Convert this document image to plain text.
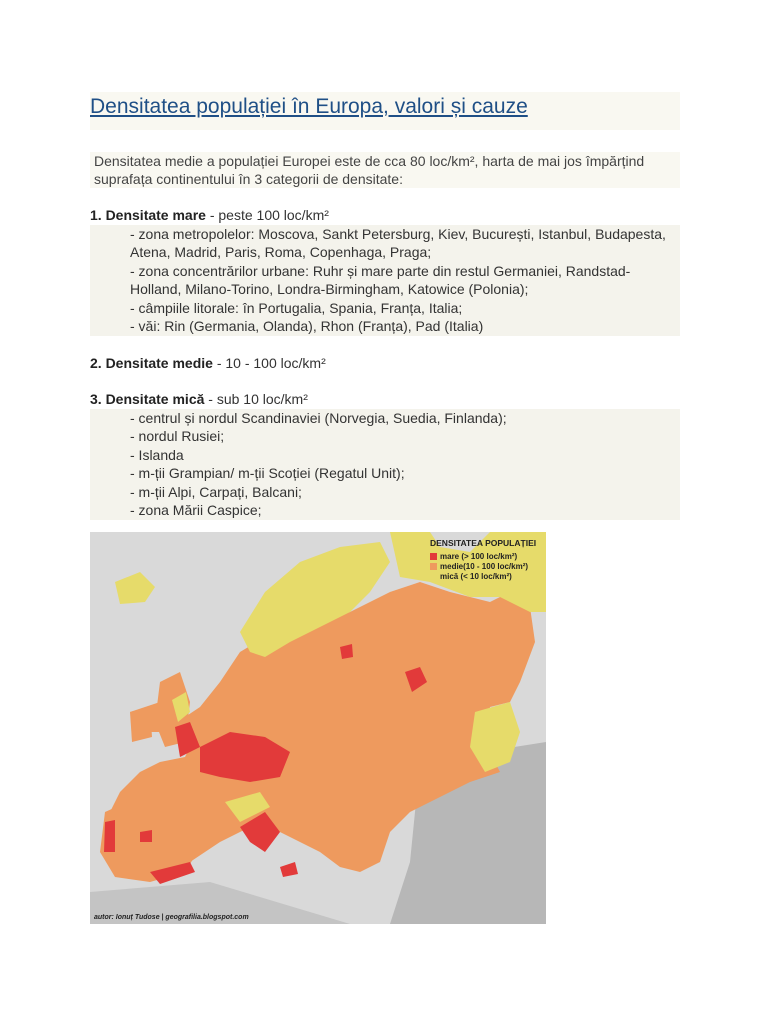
Densitatea populației în Europa, valori și cauze

Densitatea medie a populației Europei este de cca 80 loc/km², harta de mai jos împărțind suprafața continentului în 3 categorii de densitate:

1. Densitate mare - peste 100 loc/km²

- zona metropolelor: Moscova, Sankt Petersburg, Kiev, București, Istanbul, Budapesta, Atena, Madrid, Paris, Roma, Copenhaga, Praga;

- zona concentrărilor urbane: Ruhr și mare parte din restul Germaniei, Randstad-Holland, Milano-Torino, Londra-Birmingham, Katowice (Polonia);

- câmpiile litorale: în Portugalia, Spania, Franța, Italia;

- văi: Rin (Germania, Olanda), Rhon (Franța), Pad (Italia)

2. Densitate medie - 10 - 100 loc/km²

3. Densitate mică - sub 10 loc/km²

- centrul și nordul Scandinaviei (Norvegia, Suedia, Finlanda);

- nordul Rusiei;

- Islanda

- m-ții Grampian/ m-ții Scoției (Regatul Unit);

- m-ții Alpi, Carpați, Balcani;

- zona Mării Caspice;

DENSITATEA POPULAȚIEI
mare (> 100 loc/km²)
medie(10 - 100 loc/km²)
mică (< 10 loc/km²)
autor: Ionuț Tudose | geografilia.blogspot.com
